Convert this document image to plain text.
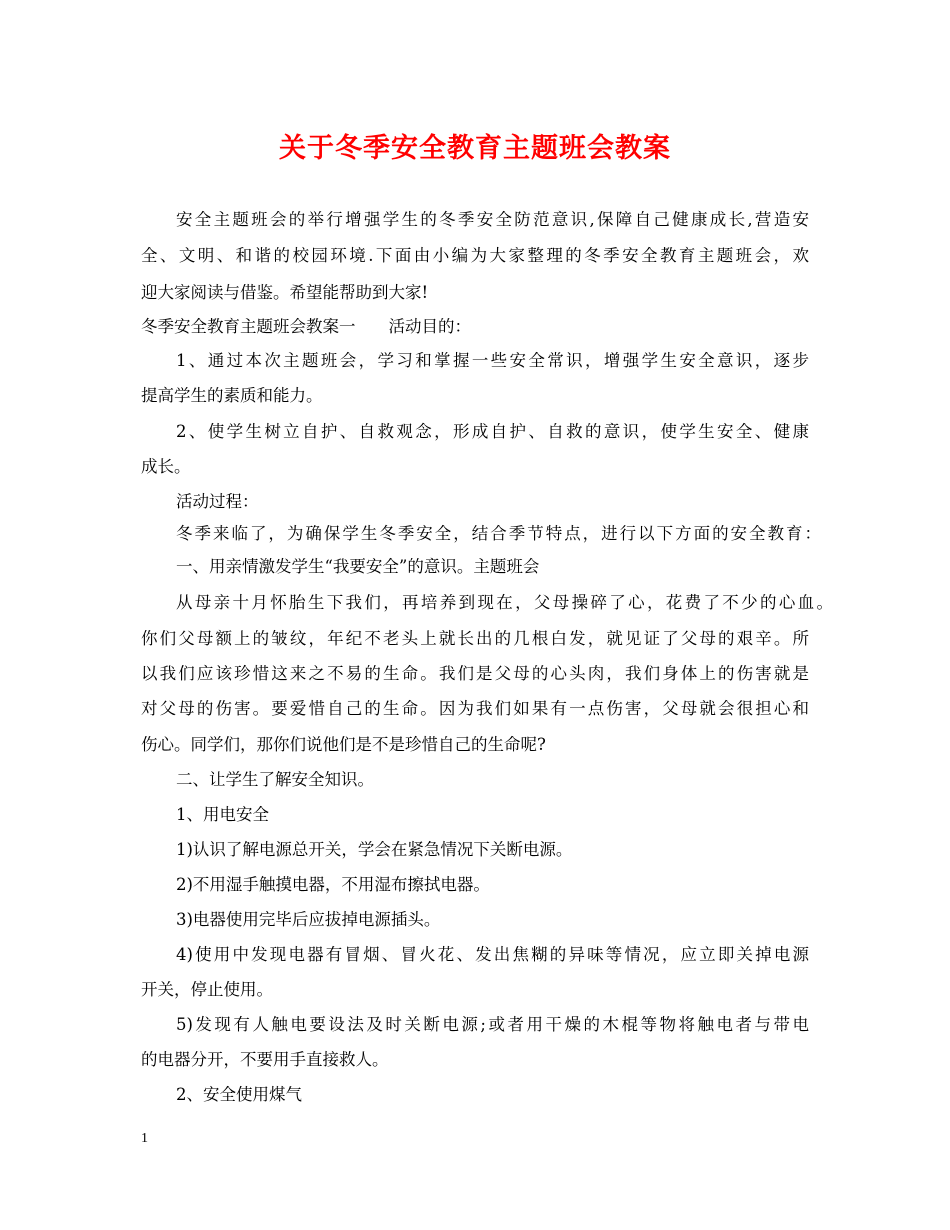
关于冬季安全教育主题班会教案
安全主题班会的举行增强学生的冬季安全防范意识,保障自己健康成长,营造安
全、文明、和谐的校园环境.下面由小编为大家整理的冬季安全教育主题班会，欢
迎大家阅读与借鉴。希望能帮助到大家!
冬季安全教育主题班会教案一　　活动目的：
1、通过本次主题班会，学习和掌握一些安全常识，增强学生安全意识，逐步
提高学生的素质和能力。
2、使学生树立自护、自救观念，形成自护、自救的意识，使学生安全、健康
成长。
活动过程：
冬季来临了，为确保学生冬季安全，结合季节特点，进行以下方面的安全教育：
一、用亲情激发学生“我要安全”的意识。主题班会
从母亲十月怀胎生下我们，再培养到现在，父母操碎了心，花费了不少的心血。
你们父母额上的皱纹，年纪不老头上就长出的几根白发，就见证了父母的艰辛。所
以我们应该珍惜这来之不易的生命。我们是父母的心头肉，我们身体上的伤害就是
对父母的伤害。要爱惜自己的生命。因为我们如果有一点伤害，父母就会很担心和
伤心。同学们，那你们说他们是不是珍惜自己的生命呢?
二、让学生了解安全知识。
1、用电安全
1)认识了解电源总开关，学会在紧急情况下关断电源。
2)不用湿手触摸电器，不用湿布擦拭电器。
3)电器使用完毕后应拔掉电源插头。
4)使用中发现电器有冒烟、冒火花、发出焦糊的异味等情况，应立即关掉电源
开关，停止使用。
5)发现有人触电要设法及时关断电源;或者用干燥的木棍等物将触电者与带电
的电器分开，不要用手直接救人。
2、安全使用煤气
1
